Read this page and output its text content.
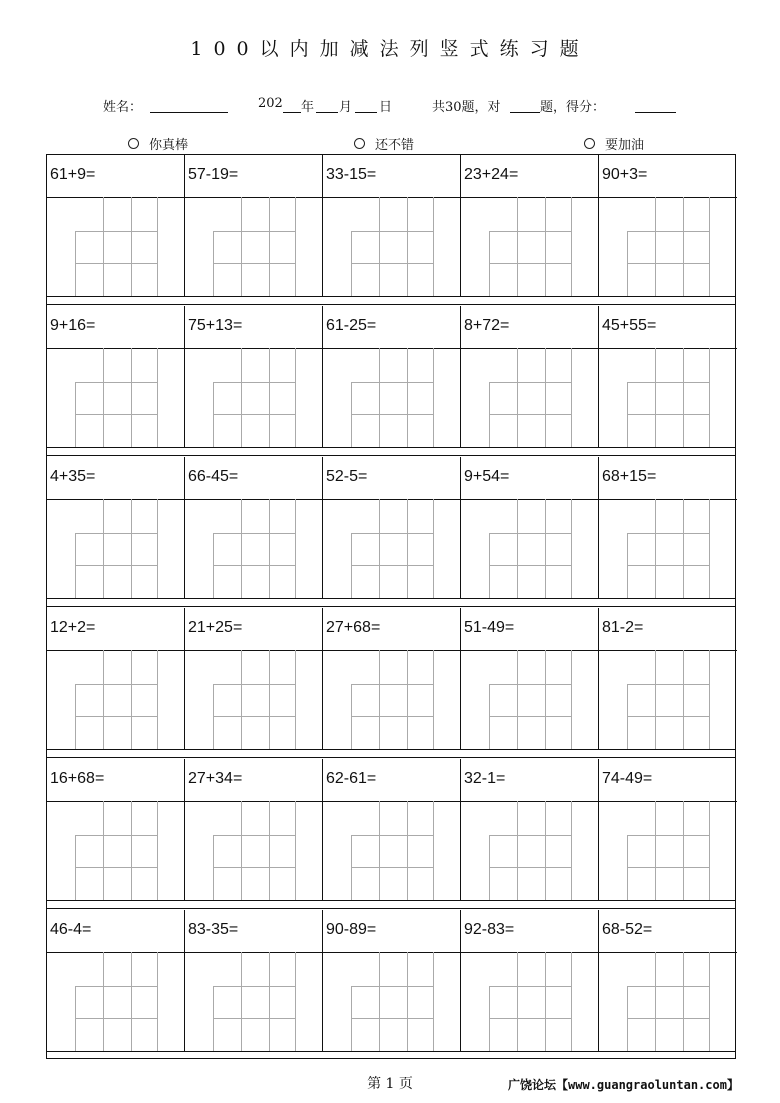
100以内加减法列竖式练习题
姓名：	202 年 月 日	共30题，对	题，得分：
你真棒	还不错	要加油
61+9=	57-19=	33-15=	23+24=	90+3=
9+16=	75+13=	61-25=	8+72=	45+55=
4+35=	66-45=	52-5=	9+54=	68+15=
12+2=	21+25=	27+68=	51-49=	81-2=
16+68=	27+34=	62-61=	32-1=	74-49=
46-4=	83-35=	90-89=	92-83=	68-52=
第 1 页	广饶论坛【www.guangraoluntan.com】
